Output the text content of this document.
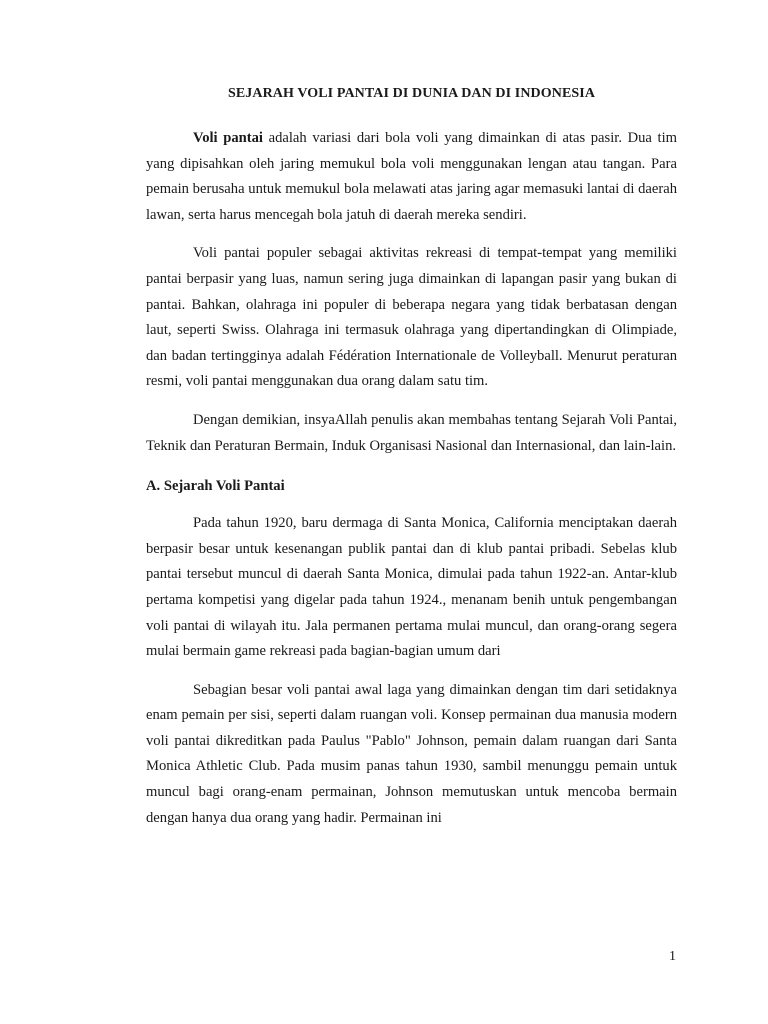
SEJARAH VOLI PANTAI DI DUNIA DAN DI INDONESIA

Voli pantai adalah variasi dari bola voli yang dimainkan di atas pasir. Dua tim yang dipisahkan oleh jaring memukul bola voli menggunakan lengan atau tangan. Para pemain berusaha untuk memukul bola melawati atas jaring agar memasuki lantai di daerah lawan, serta harus mencegah bola jatuh di daerah mereka sendiri.

Voli pantai populer sebagai aktivitas rekreasi di tempat-tempat yang memiliki pantai berpasir yang luas, namun sering juga dimainkan di lapangan pasir yang bukan di pantai. Bahkan, olahraga ini populer di beberapa negara yang tidak berbatasan dengan laut, seperti Swiss. Olahraga ini termasuk olahraga yang dipertandingkan di Olimpiade, dan badan tertingginya adalah Fédération Internationale de Volleyball. Menurut peraturan resmi, voli pantai menggunakan dua orang dalam satu tim.

Dengan demikian, insyaAllah penulis akan membahas tentang Sejarah Voli Pantai, Teknik dan Peraturan Bermain, Induk Organisasi Nasional dan Internasional, dan lain-lain.

A. Sejarah Voli Pantai

Pada tahun 1920, baru dermaga di Santa Monica, California menciptakan daerah berpasir besar untuk kesenangan publik pantai dan di klub pantai pribadi. Sebelas klub pantai tersebut muncul di daerah Santa Monica, dimulai pada tahun 1922-an. Antar-klub pertama kompetisi yang digelar pada tahun 1924., menanam benih untuk pengembangan voli pantai di wilayah itu. Jala permanen pertama mulai muncul, dan orang-orang segera mulai bermain game rekreasi pada bagian-bagian umum dari

Sebagian besar voli pantai awal laga yang dimainkan dengan tim dari setidaknya enam pemain per sisi, seperti dalam ruangan voli. Konsep permainan dua manusia modern voli pantai dikreditkan pada Paulus "Pablo" Johnson, pemain dalam ruangan dari Santa Monica Athletic Club. Pada musim panas tahun 1930, sambil menunggu pemain untuk muncul bagi orang-enam permainan, Johnson memutuskan untuk mencoba bermain dengan hanya dua orang yang hadir. Permainan ini

1
